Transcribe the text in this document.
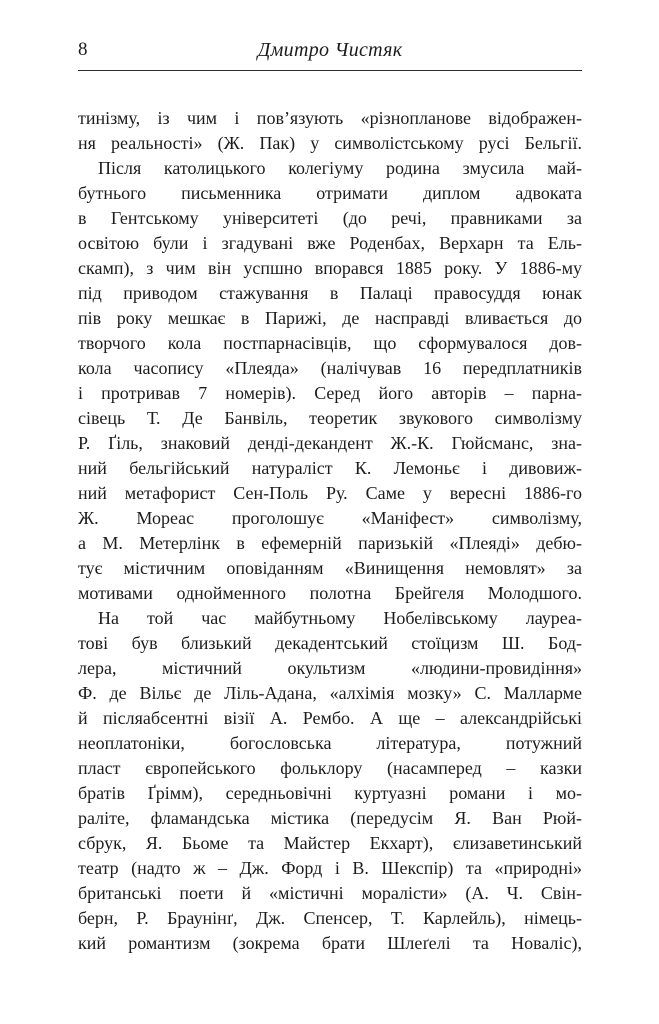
8	Дмитро Чистяк
тинізму, із чим і пов’язують «різнопланове відображен-
ня реальності» (Ж. Пак) у символістському русі Бельгії.
Після католицького колегіуму родина змусила май-
бутнього письменника отримати диплом адвоката
в Гентському університеті (до речі, правниками за
освітою були і згадувані вже Роденбах, Верхарн та Ель-
скамп), з чим він успшно впорався 1885 року. У 1886-му
під приводом стажування в Палаці правосуддя юнак
пів року мешкає в Парижі, де насправді вливається до
творчого кола постпарнасівців, що сформувалося дов-
кола часопису «Плеяда» (налічував 16 передплатників
і протривав 7 номерів). Серед його авторів – парна-
сівець Т. Де Банвіль, теоретик звукового символізму
Р. Ґіль, знаковий денді-декандент Ж.-К. Гюйсманс, зна-
ний бельгійський натураліст К. Лемоньє і дивовиж-
ний метафорист Сен-Поль Ру. Саме у вересні 1886-го
Ж. Мореас проголошує «Маніфест» символізму,
а М. Метерлінк в ефемерній паризькій «Плеяді» дебю-
тує містичним оповіданням «Винищення немовлят» за
мотивами однойменного полотна Брейгеля Молодшого.
На той час майбутньому Нобелівському лауреа-
тові був близький декадентський стоїцизм Ш. Бод-
лера, містичний окультизм «людини-провидіння»
Ф. де Вільє де Ліль-Адана, «алхімія мозку» С. Малларме
й післяабсентні візії А. Рембо. А ще – александрійські
неоплатоніки, богословська література, потужний
пласт європейського фольклору (насамперед – казки
братів Ґрімм), середньовічні куртуазні романи і мо-
раліте, фламандська містика (передусім Я. Ван Рюй-
сбрук, Я. Бьоме та Майстер Екхарт), єлизаветинський
театр (надто ж – Дж. Форд і В. Шекспір) та «природні»
британські поети й «містичні моралісти» (А. Ч. Свін-
берн, Р. Браунінґ, Дж. Спенсер, Т. Карлейль), німець-
кий романтизм (зокрема брати Шлеґелі та Новаліс),
